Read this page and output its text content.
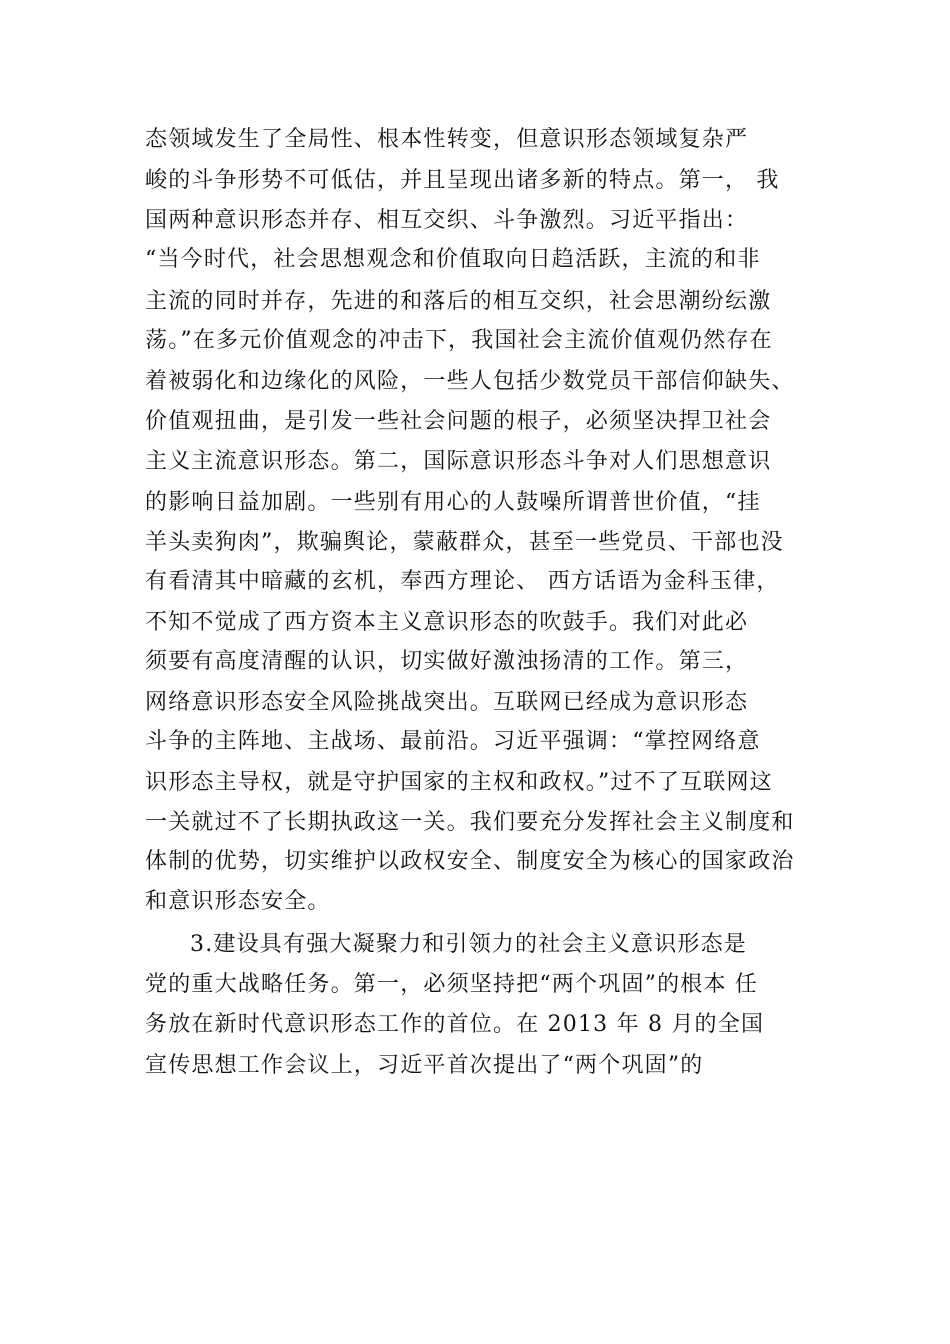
态领域发生了全局性、根本性转变，但意识形态领域复杂严
峻的斗争形势不可低估，并且呈现出诸多新的特点。第一， 我
国两种意识形态并存、相互交织、斗争激烈。习近平指出：
“当今时代，社会思想观念和价值取向日趋活跃，主流的和非
主流的同时并存，先进的和落后的相互交织，社会思潮纷纭激
荡。”在多元价值观念的冲击下，我国社会主流价值观仍然存在
着被弱化和边缘化的风险，一些人包括少数党员干部信仰缺失、
价值观扭曲，是引发一些社会问题的根子，必须坚决捍卫社会
主义主流意识形态。第二，国际意识形态斗争对人们思想意识
的影响日益加剧。一些别有用心的人鼓噪所谓普世价值，“挂
羊头卖狗肉”，欺骗舆论，蒙蔽群众，甚至一些党员、干部也没
有看清其中暗藏的玄机，奉西方理论、 西方话语为金科玉律，
不知不觉成了西方资本主义意识形态的吹鼓手。我们对此必
须要有高度清醒的认识，切实做好激浊扬清的工作。第三，
网络意识形态安全风险挑战突出。互联网已经成为意识形态
斗争的主阵地、主战场、最前沿。习近平强调：“掌控网络意
识形态主导权，就是守护国家的主权和政权。”过不了互联网这
一关就过不了长期执政这一关。我们要充分发挥社会主义制度和
体制的优势，切实维护以政权安全、制度安全为核心的国家政治
和意识形态安全。
3.建设具有强大凝聚力和引领力的社会主义意识形态是
党的重大战略任务。第一，必须坚持把“两个巩固”的根本 任
务放在新时代意识形态工作的首位。在 2013 年 8 月的全国
宣传思想工作会议上，习近平首次提出了“两个巩固”的
